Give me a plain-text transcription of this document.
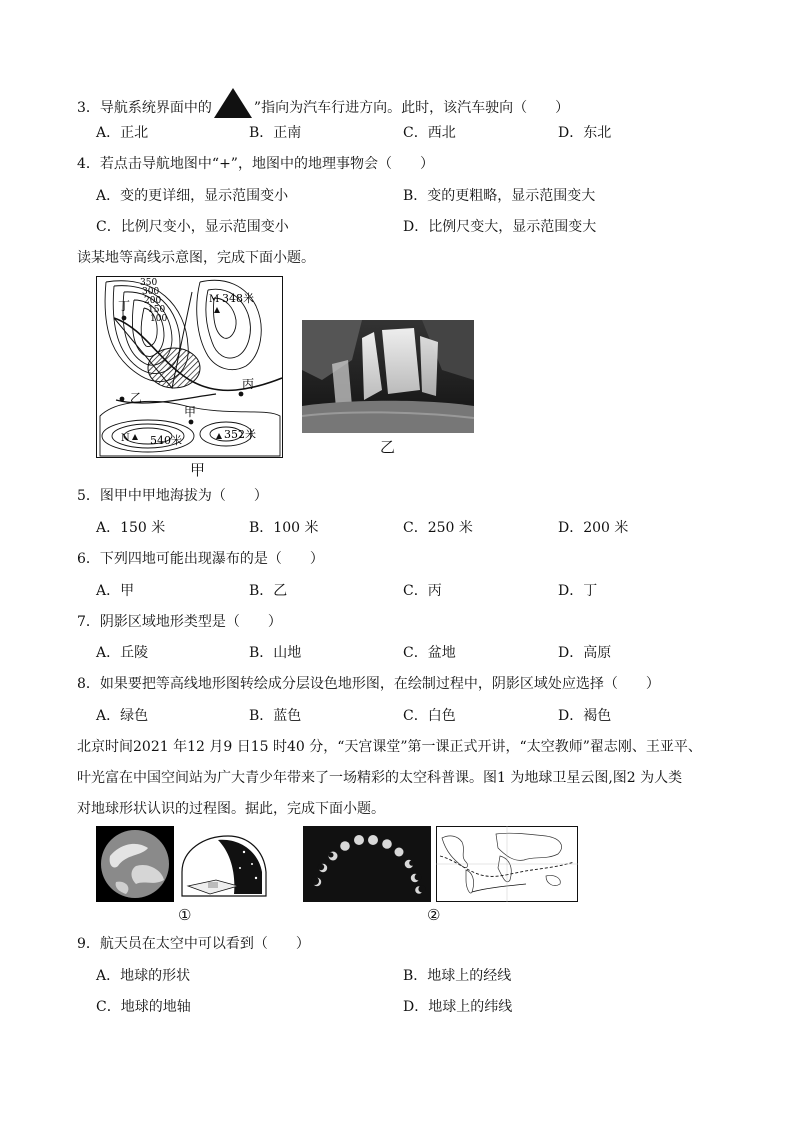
3．导航系统界面中的	”指向为汽车行进方向。此时，该汽车驶向（　　）
A．正北	B．正南	C．西北	D．东北
4．若点击导航地图中“+”，地图中的地理事物会（　　）
A．变的更详细，显示范围变小	B．变的更粗略，显示范围变大
C．比例尺变小，显示范围变小	D．比例尺变大，显示范围变大
读某地等高线示意图，完成下面小题。
350
300
200
150
100
丁	M 348米
乙
甲
丙
N 540米	352米
甲
乙
5．图甲中甲地海拔为（　　）
A．150 米	B．100 米	C．250 米	D．200 米
6．下列四地可能出现瀑布的是（　　）
A．甲	B．乙	C．丙	D．丁
7．阴影区域地形类型是（　　）
A．丘陵	B．山地	C．盆地	D．高原
8．如果要把等高线地形图转绘成分层设色地形图，在绘制过程中，阴影区域处应选择（　　）
A．绿色	B．蓝色	C．白色	D．褐色
北京时间2021 年12 月9 日15 时40 分，“天宫课堂”第一课正式开讲，“太空教师”翟志刚、王亚平、
叶光富在中国空间站为广大青少年带来了一场精彩的太空科普课。图1 为地球卫星云图,图2 为人类
对地球形状认识的过程图。据此，完成下面小题。
①	②
9．航天员在太空中可以看到（　　）
A．地球的形状	B．地球上的经线
C．地球的地轴	D．地球上的纬线
